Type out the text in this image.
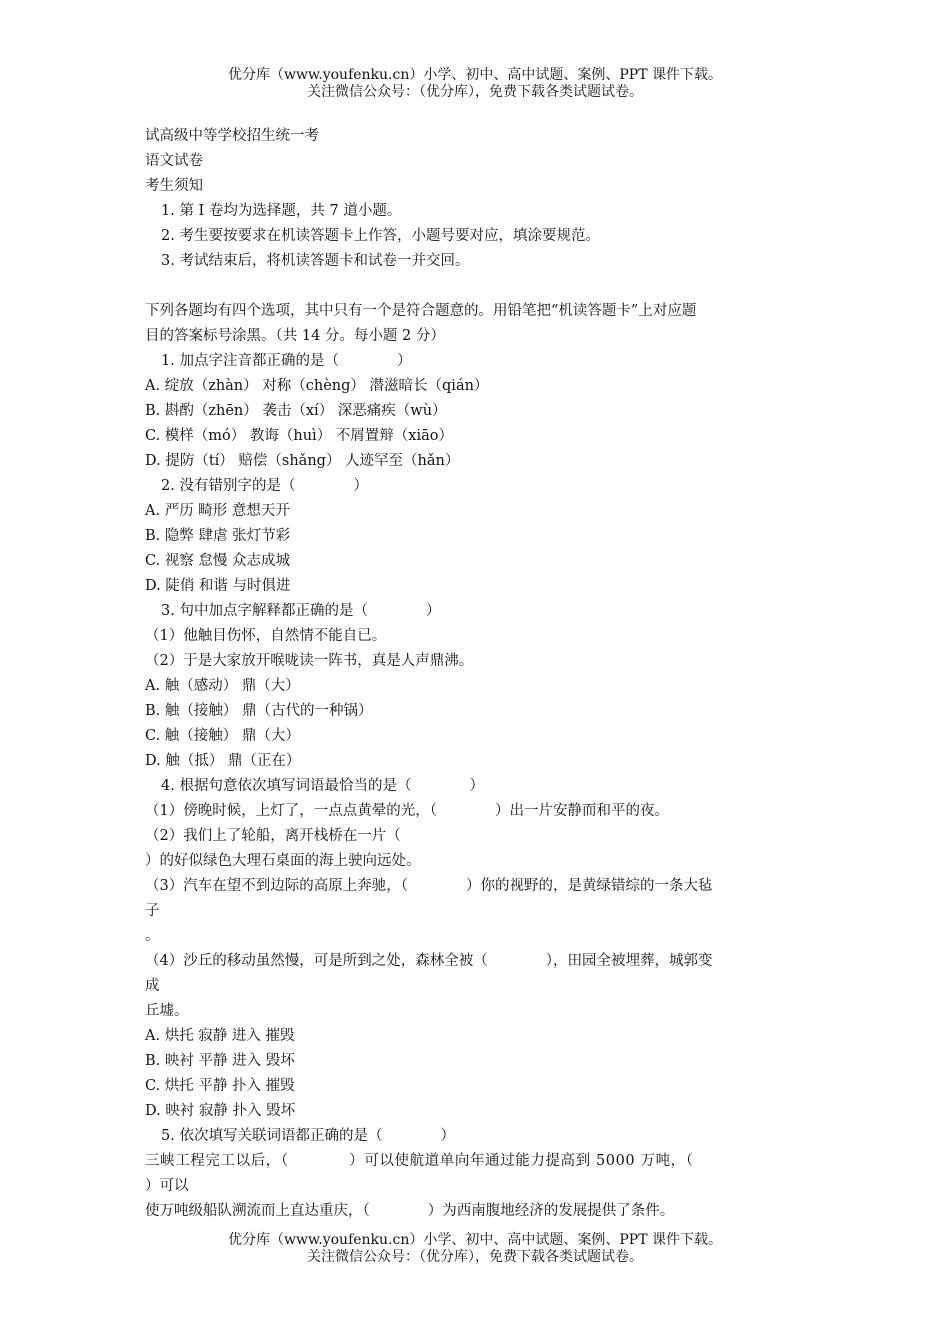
优分库（www.youfenku.cn）小学、初中、高中试题、案例、PPT 课件下载。
关注微信公众号：（优分库），免费下载各类试题试卷。
试高级中等学校招生统一考
语文试卷
考生须知
1. 第 I 卷均为选择题，共 7 道小题。
2. 考生要按要求在机读答题卡上作答，小题号要对应，填涂要规范。
3. 考试结束后，将机读答题卡和试卷一并交回。
下列各题均有四个选项，其中只有一个是符合题意的。用铅笔把“机读答题卡”上对应题
目的答案标号涂黑。（共 14 分。每小题 2 分）
1. 加点字注音都正确的是（　　　　）
A. 绽放（zhàn） 对称（chèng） 潜滋暗长（qián）
B. 斟酌（zhēn） 袭击（xí） 深恶痛疾（wù）
C. 模样（mó） 教诲（huì） 不屑置辩（xiāo）
D. 提防（tí） 赔偿（shǎng） 人迹罕至（hǎn）
2. 没有错别字的是（　　　　）
A. 严历 畸形 意想天开
B. 隐弊 肆虐 张灯节彩
C. 视察 怠慢 众志成城
D. 陡俏 和谐 与时俱进
3. 句中加点字解释都正确的是（　　　　）
（1）他触目伤怀，自然情不能自已。
（2）于是大家放开喉咙读一阵书，真是人声鼎沸。
A. 触（感动） 鼎（大）
B. 触（接触） 鼎（古代的一种锅）
C. 触（接触） 鼎（大）
D. 触（抵） 鼎（正在）
4. 根据句意依次填写词语最恰当的是（　　　　）
（1）傍晚时候，上灯了，一点点黄晕的光，（　　　　）出一片安静而和平的夜。
（2）我们上了轮船，离开栈桥在一片（
）的好似绿色大理石桌面的海上驶向远处。
（3）汽车在望不到边际的高原上奔驰，（　　　　）你的视野的，是黄绿错综的一条大毡
子
。
（4）沙丘的移动虽然慢，可是所到之处，森林全被（　　　　），田园全被埋葬，城郭变
成
丘墟。
A. 烘托 寂静 进入 摧毁
B. 映衬 平静 进入 毁坏
C. 烘托 平静 扑入 摧毁
D. 映衬 寂静 扑入 毁坏
5. 依次填写关联词语都正确的是（　　　　）
三峡工程完工以后，（　　　　）可以使航道单向年通过能力提高到 5000 万吨，（
）可以
使万吨级船队溯流而上直达重庆，（　　　　）为西南腹地经济的发展提供了条件。
优分库（www.youfenku.cn）小学、初中、高中试题、案例、PPT 课件下载。
关注微信公众号：（优分库），免费下载各类试题试卷。
